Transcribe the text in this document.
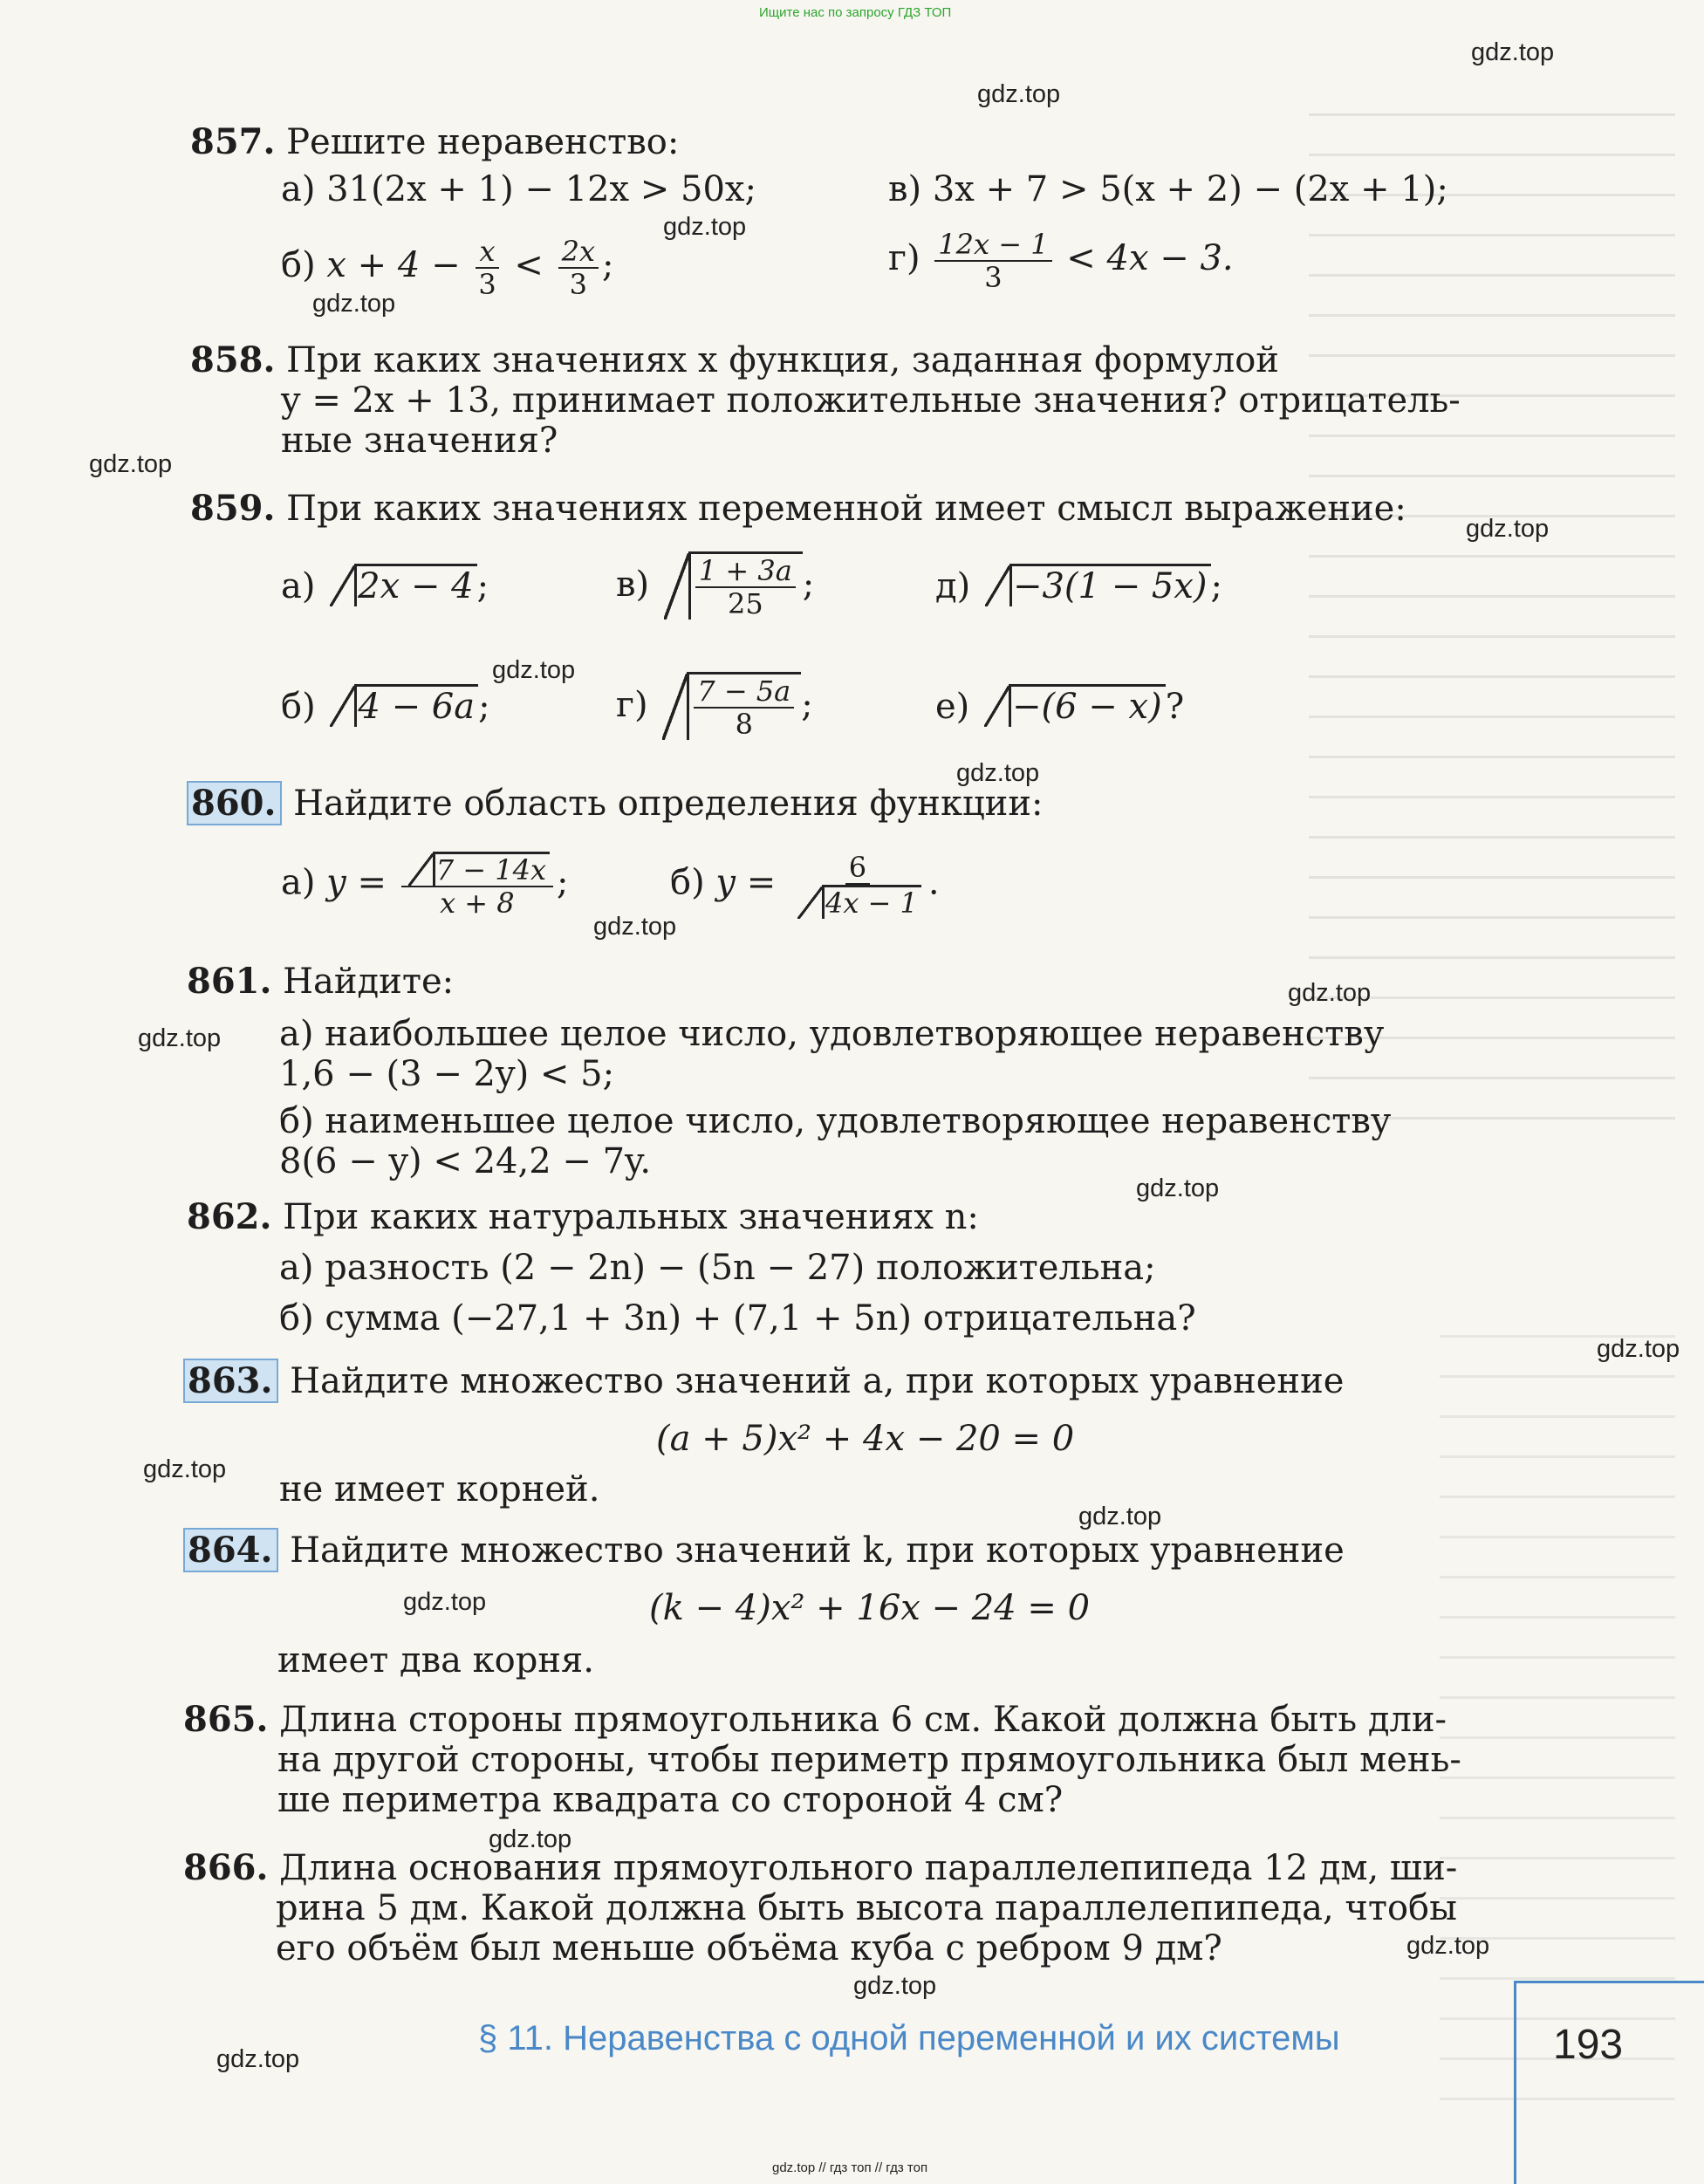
Ищите нас по запросу ГДЗ ТОП
857. Решите неравенство:
а) 31(2x + 1) − 12x > 50x;	в) 3x + 7 > 5(x + 2) − (2x + 1);
б) $x + 4 - \frac{x}{3} < \frac{2x}{3}$ ;	$г) \frac{12x - 1}{3} < 4x - 3$.
858. При каких значениях x функция, заданная формулой
y = 2x + 13, принимает положительные значения? отрицатель-
ные значения?
859. При каких значениях переменной имеет смысл выражение:
а) 2x − 4 ;	$в) \frac{1 + 3a}{25}$ ;	д) −3(1 − 5x) ;
б) 4 − 6a ;	$г) \frac{7 - 5a}{8}$ ;	е) −(6 − x) ?
860. Найдите область определения функции:
а) $y = \frac{7 - 14x}{x + 8}$ ;	б) $y = \frac{6}{4x - 1}$ .
861. Найдите:
а) наибольшее целое число, удовлетворяющее неравенству
1,6 − (3 − 2y) < 5;
б) наименьшее целое число, удовлетворяющее неравенству
8(6 − y) < 24,2 − 7y.
862. При каких натуральных значениях n:
а) разность (2 − 2n) − (5n − 27) положительна;
б) сумма (−27,1 + 3n) + (7,1 + 5n) отрицательна?
863. Найдите множество значений a, при которых уравнение
(a + 5)x² + 4x − 20 = 0
не имеет корней.
864. Найдите множество значений k, при которых уравнение
(k − 4)x² + 16x − 24 = 0
имеет два корня.
865. Длина стороны прямоугольника 6 см. Какой должна быть дли-
на другой стороны, чтобы периметр прямоугольника был мень-
ше периметра квадрата со стороной 4 см?
866. Длина основания прямоугольного параллелепипеда 12 дм, ши-
рина 5 дм. Какой должна быть высота параллелепипеда, чтобы
его объём был меньше объёма куба с ребром 9 дм?
§ 11. Неравенства с одной переменной и их системы	193
gdz.top
gdz.top
gdz.top
gdz.top
gdz.top
gdz.top
gdz.top
gdz.top
gdz.top
gdz.top
gdz.top
gdz.top
gdz.top
gdz.top
gdz.top
gdz.top
gdz.top
gdz.top
gdz.top
gdz.top
gdz.top // гдз топ // гдз топ
